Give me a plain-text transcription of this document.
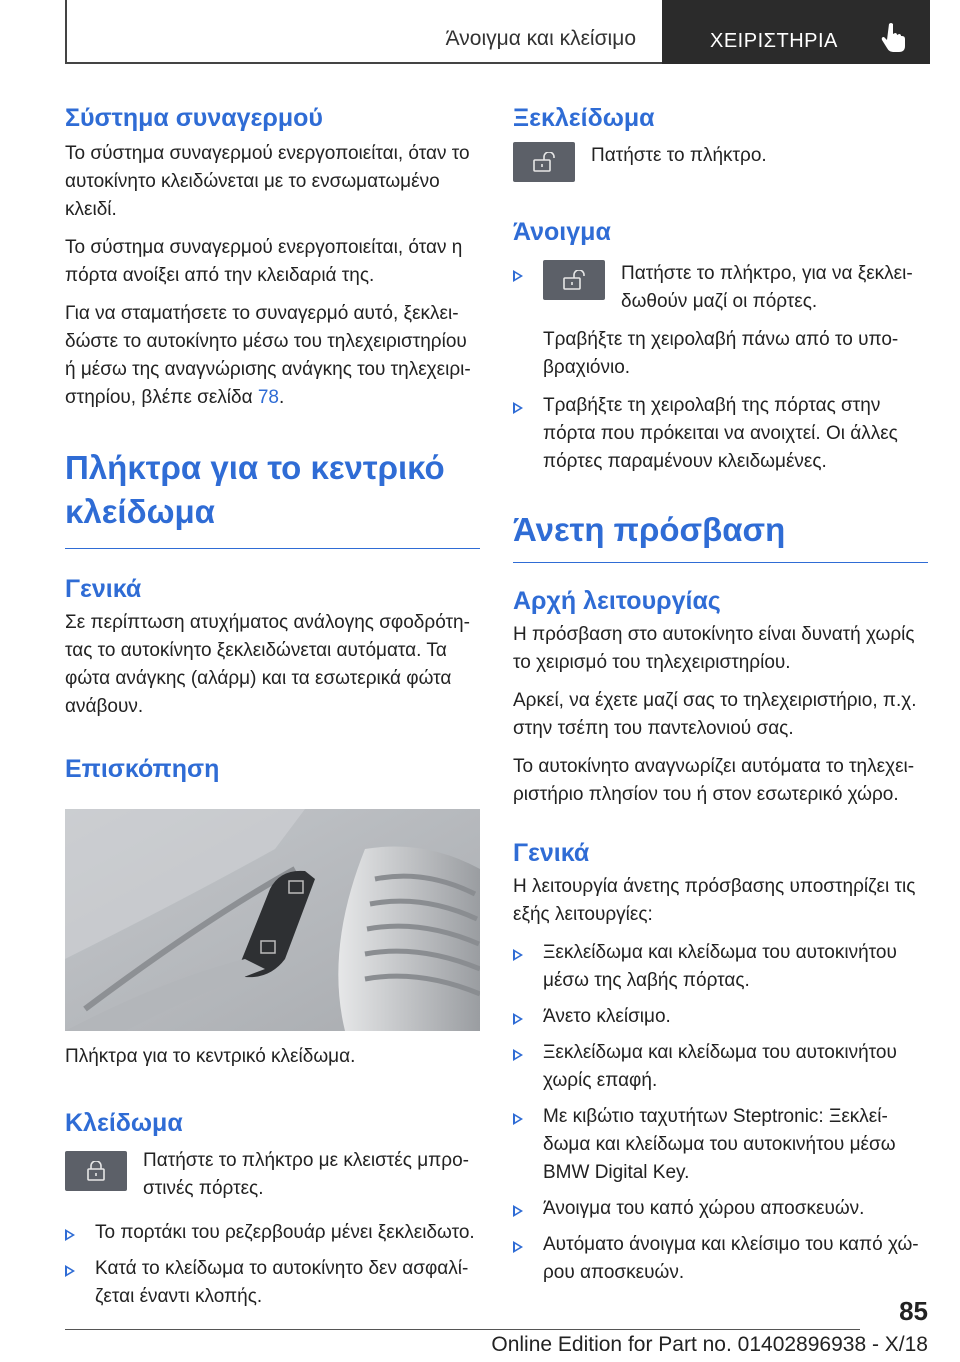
Άνοιγμα και κλείσιμο	ΧΕΙΡΙΣΤΗΡΙΑ
Σύστημα συναγερμού

Το σύστημα συναγερμού ενεργοποιείται, όταν το αυτοκίνητο κλειδώνεται με το ενσωματωμένο κλειδί.

Το σύστημα συναγερμού ενεργοποιείται, όταν η πόρτα ανοίξει από την κλειδαριά της.

Για να σταματήσετε το συναγερμό αυτό, ξεκλειδώστε το αυτοκίνητο μέσω του τηλεχειριστηρίου ή μέσω της αναγνώρισης ανάγκης του τηλεχειριστηρίου, βλέπε σελίδα 78.

Πλήκτρα για το κεντρικό κλείδωμα
Γενικά

Σε περίπτωση ατυχήματος ανάλογης σφοδρότητας το αυτοκίνητο ξεκλειδώνεται αυτόματα. Τα φώτα ανάγκης (αλάρμ) και τα εσωτερικά φώτα ανάβουν.

Επισκόπηση

Πλήκτρα για το κεντρικό κλείδωμα.

Κλείδωμα

Πατήστε το πλήκτρο με κλειστές μπροστινές πόρτες.

Το πορτάκι του ρεζερβουάρ μένει ξεκλειδωτο.
Κατά το κλείδωμα το αυτοκίνητο δεν ασφαλίζεται έναντι κλοπής.
Ξεκλείδωμα

Πατήστε το πλήκτρο.

Άνοιγμα
Πατήστε το πλήκτρο, για να ξεκλειδωθούν μαζί οι πόρτες.
Τραβήξτε τη χειρολαβή πάνω από το υποβραχιόνιο.
Τραβήξτε τη χειρολαβή της πόρτας στην πόρτα που πρόκειται να ανοιχτεί. Οι άλλες πόρτες παραμένουν κλειδωμένες.
Άνετη πρόσβαση
Αρχή λειτουργίας

Η πρόσβαση στο αυτοκίνητο είναι δυνατή χωρίς το χειρισμό του τηλεχειριστηρίου.

Αρκεί, να έχετε μαζί σας το τηλεχειριστήριο, π.χ. στην τσέπη του παντελονιού σας.

Το αυτοκίνητο αναγνωρίζει αυτόματα το τηλεχειριστήριο πλησίον του ή στον εσωτερικό χώρο.

Γενικά

Η λειτουργία άνετης πρόσβασης υποστηρίζει τις εξής λειτουργίες:

Ξεκλείδωμα και κλείδωμα του αυτοκινήτου μέσω της λαβής πόρτας.
Άνετο κλείσιμο.
Ξεκλείδωμα και κλείδωμα του αυτοκινήτου χωρίς επαφή.
Με κιβώτιο ταχυτήτων Steptronic: Ξεκλείδωμα και κλείδωμα του αυτοκινήτου μέσω BMW Digital Key.
Άνοιγμα του καπό χώρου αποσκευών.
Αυτόματο άνοιγμα και κλείσιμο του καπό χώρου αποσκευών.
85
Online Edition for Part no. 01402896938 - X/18
